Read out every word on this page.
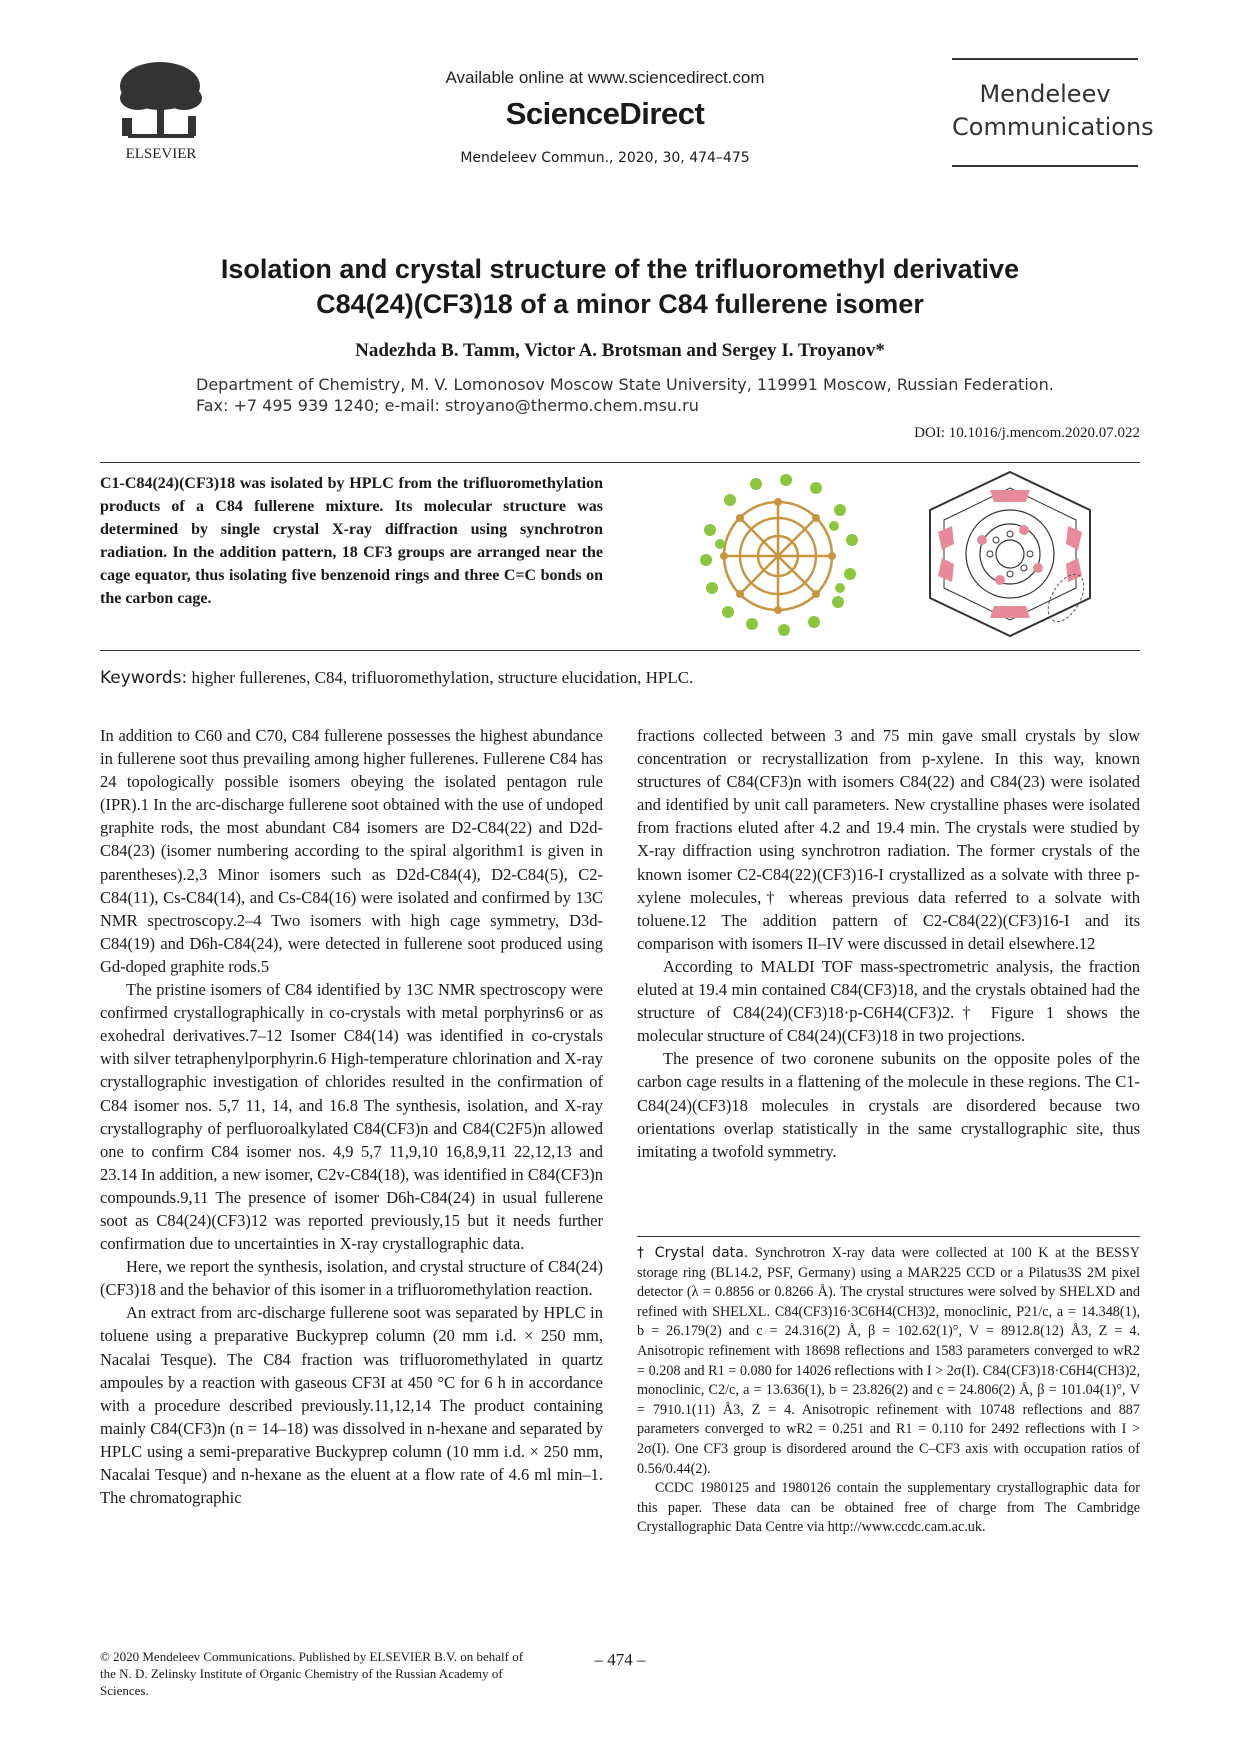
ELSEVIER
Available online at www.sciencedirect.com
ScienceDirect
Mendeleev Commun., 2020, 30, 474–475
Mendeleev
Communications
Isolation and crystal structure of the trifluoromethyl derivative
C84(24)(CF3)18 of a minor C84 fullerene isomer
Nadezhda B. Tamm, Victor A. Brotsman and Sergey I. Troyanov*
Department of Chemistry, M. V. Lomonosov Moscow State University, 119991 Moscow, Russian Federation.
Fax: +7 495 939 1240; e-mail: stroyano@thermo.chem.msu.ru
DOI: 10.1016/j.mencom.2020.07.022
C1-C84(24)(CF3)18 was isolated by HPLC from the trifluoromethylation products of a C84 fullerene mixture. Its molecular structure was determined by single crystal X-ray diffraction using synchrotron radiation. In the addition pattern, 18 CF3 groups are arranged near the cage equator, thus isolating five benzenoid rings and three C=C bonds on the carbon cage.
Keywords: higher fullerenes, C84, trifluoromethylation, structure elucidation, HPLC.

In addition to C60 and C70, C84 fullerene possesses the highest abundance in fullerene soot thus prevailing among higher fullerenes. Fullerene C84 has 24 topologically possible isomers obeying the isolated pentagon rule (IPR).1 In the arc-discharge fullerene soot obtained with the use of undoped graphite rods, the most abundant C84 isomers are D2-C84(22) and D2d-C84(23) (isomer numbering according to the spiral algorithm1 is given in parentheses).2,3 Minor isomers such as D2d-C84(4), D2-C84(5), C2-C84(11), Cs-C84(14), and Cs-C84(16) were isolated and confirmed by 13C NMR spectroscopy.2–4 Two isomers with high cage symmetry, D3d-C84(19) and D6h-C84(24), were detected in fullerene soot produced using Gd-doped graphite rods.5

The pristine isomers of C84 identified by 13C NMR spectroscopy were confirmed crystallographically in co-crystals with metal porphyrins6 or as exohedral derivatives.7–12 Isomer C84(14) was identified in co-crystals with silver tetraphenylporphyrin.6 High-temperature chlorination and X-ray crystallographic investigation of chlorides resulted in the confirmation of C84 isomer nos. 5,7 11, 14, and 16.8 The synthesis, isolation, and X-ray crystallography of perfluoroalkylated C84(CF3)n and C84(C2F5)n allowed one to confirm C84 isomer nos. 4,9 5,7 11,9,10 16,8,9,11 22,12,13 and 23.14 In addition, a new isomer, C2v-C84(18), was identified in C84(CF3)n compounds.9,11 The presence of isomer D6h-C84(24) in usual fullerene soot as C84(24)(CF3)12 was reported previously,15 but it needs further confirmation due to uncertainties in X-ray crystallographic data.

Here, we report the synthesis, isolation, and crystal structure of C84(24)(CF3)18 and the behavior of this isomer in a trifluoromethylation reaction.

An extract from arc-discharge fullerene soot was separated by HPLC in toluene using a preparative Buckyprep column (20 mm i.d. × 250 mm, Nacalai Tesque). The C84 fraction was trifluoromethylated in quartz ampoules by a reaction with gaseous CF3I at 450 °C for 6 h in accordance with a procedure described previously.11,12,14 The product containing mainly C84(CF3)n (n = 14–18) was dissolved in n-hexane and separated by HPLC using a semi-preparative Buckyprep column (10 mm i.d. × 250 mm, Nacalai Tesque) and n-hexane as the eluent at a flow rate of 4.6 ml min–1. The chromatographic

fractions collected between 3 and 75 min gave small crystals by slow concentration or recrystallization from p-xylene. In this way, known structures of C84(CF3)n with isomers C84(22) and C84(23) were isolated and identified by unit call parameters. New crystalline phases were isolated from fractions eluted after 4.2 and 19.4 min. The crystals were studied by X-ray diffraction using synchrotron radiation. The former crystals of the known isomer C2-C84(22)(CF3)16-I crystallized as a solvate with three p-xylene molecules,† whereas previous data referred to a solvate with toluene.12 The addition pattern of C2-C84(22)(CF3)16-I and its comparison with isomers II–IV were discussed in detail elsewhere.12

According to MALDI TOF mass-spectrometric analysis, the fraction eluted at 19.4 min contained C84(CF3)18, and the crystals obtained had the structure of C84(24)(CF3)18·p-C6H4(CF3)2.† Figure 1 shows the molecular structure of C84(24)(CF3)18 in two projections.

The presence of two coronene subunits on the opposite poles of the carbon cage results in a flattening of the molecule in these regions. The C1-C84(24)(CF3)18 molecules in crystals are disordered because two orientations overlap statistically in the same crystallographic site, thus imitating a twofold symmetry.

† Crystal data. Synchrotron X-ray data were collected at 100 K at the BESSY storage ring (BL14.2, PSF, Germany) using a MAR225 CCD or a Pilatus3S 2M pixel detector (λ = 0.8856 or 0.8266 Å). The crystal structures were solved by SHELXD and refined with SHELXL. C84(CF3)16·3C6H4(CH3)2, monoclinic, P21/c, a = 14.348(1), b = 26.179(2) and c = 24.316(2) Å, β = 102.62(1)°, V = 8912.8(12) Å3, Z = 4. Anisotropic refinement with 18698 reflections and 1583 parameters converged to wR2 = 0.208 and R1 = 0.080 for 14026 reflections with I > 2σ(I). C84(CF3)18·C6H4(CH3)2, monoclinic, C2/c, a = 13.636(1), b = 23.826(2) and c = 24.806(2) Å, β = 101.04(1)°, V = 7910.1(11) Å3, Z = 4. Anisotropic refinement with 10748 reflections and 887 parameters converged to wR2 = 0.251 and R1 = 0.110 for 2492 reflections with I > 2σ(I). One CF3 group is disordered around the C–CF3 axis with occupation ratios of 0.56/0.44(2).

CCDC 1980125 and 1980126 contain the supplementary crystallographic data for this paper. These data can be obtained free of charge from The Cambridge Crystallographic Data Centre via http://www.ccdc.cam.ac.uk.

© 2020 Mendeleev Communications. Published by ELSEVIER B.V. on behalf of the N. D. Zelinsky Institute of Organic Chemistry of the Russian Academy of Sciences.
– 474 –
